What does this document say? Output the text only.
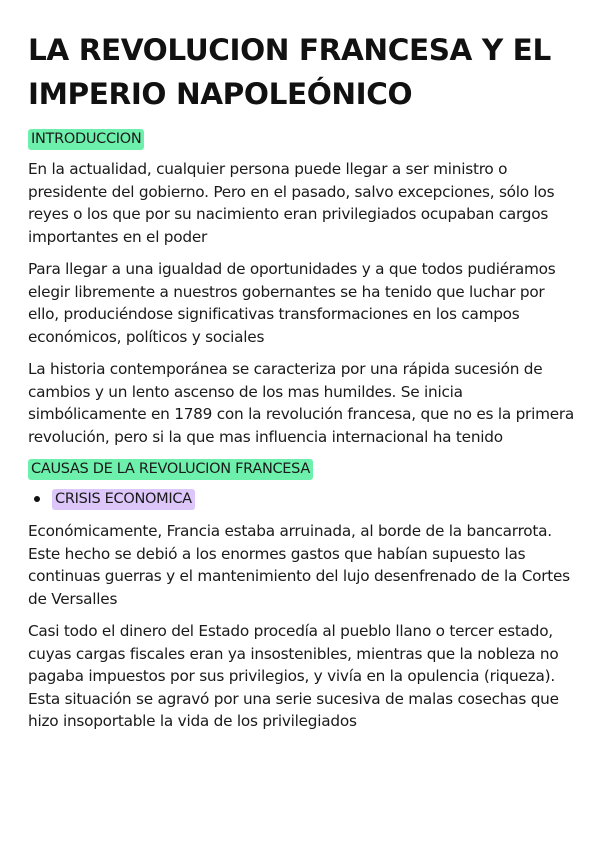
LA REVOLUCION FRANCESA Y EL IMPERIO NAPOLEÓNICO
INTRODUCCION

En la actualidad, cualquier persona puede llegar a ser ministro o presidente del gobierno. Pero en el pasado, salvo excepciones, sólo los reyes o los que por su nacimiento eran privilegiados ocupaban cargos importantes en el poder

Para llegar a una igualdad de oportunidades y a que todos pudiéramos elegir libremente a nuestros gobernantes se ha tenido que luchar por ello, produciéndose significativas transformaciones en los campos económicos, políticos y sociales

La historia contemporánea se caracteriza por una rápida sucesión de cambios y un lento ascenso de los mas humildes. Se inicia simbólicamente en 1789 con la revolución francesa, que no es la primera revolución, pero si la que mas influencia internacional ha tenido

CAUSAS DE LA REVOLUCION FRANCESA
CRISIS ECONOMICA

Económicamente, Francia estaba arruinada, al borde de la bancarrota. Este hecho se debió a los enormes gastos que habían supuesto las continuas guerras y el mantenimiento del lujo desenfrenado de la Cortes de Versalles

Casi todo el dinero del Estado procedía al pueblo llano o tercer estado, cuyas cargas fiscales eran ya insostenibles, mientras que la nobleza no pagaba impuestos por sus privilegios, y vivía en la opulencia (riqueza). Esta situación se agravó por una serie sucesiva de malas cosechas que hizo insoportable la vida de los privilegiados
